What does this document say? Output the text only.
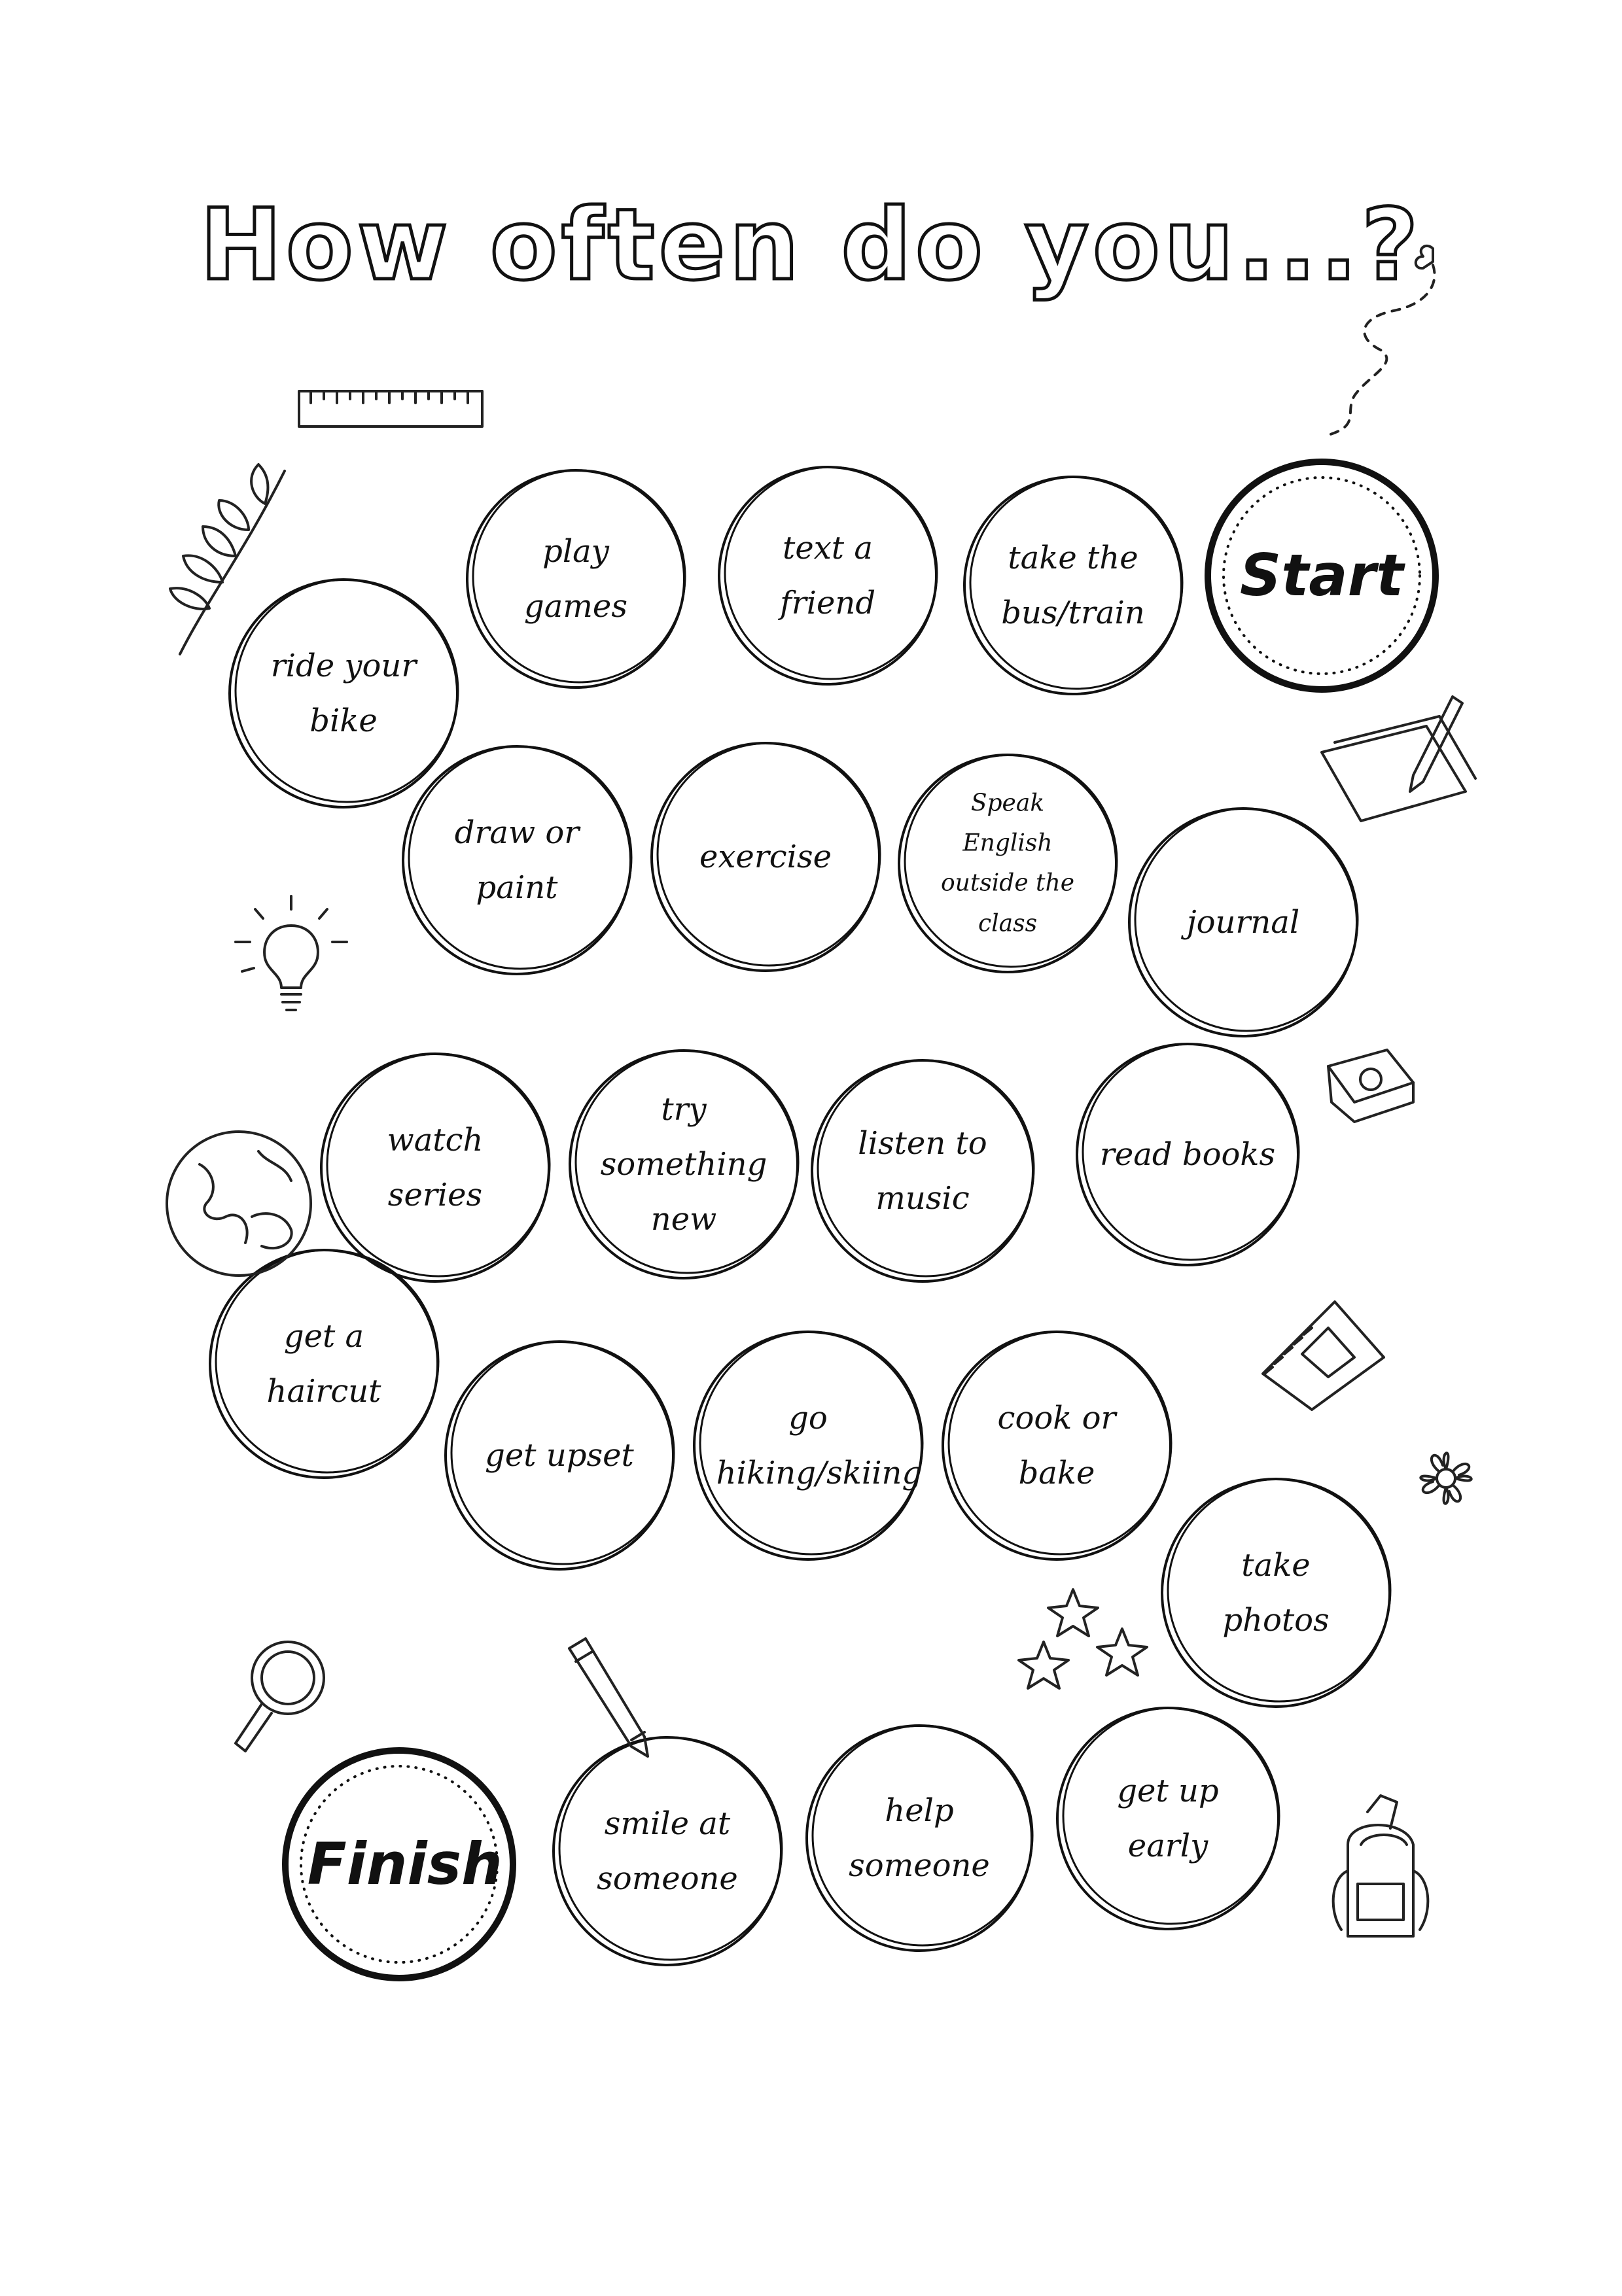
How often do you...?
Start
take the
bus/train
text a friend
play games
ride your
bike
draw or
paint
exercise
Speak
English
outside the
class	journal
read books
listen to
music
try
something
new
watch series
get a
haircut
get upset
go
hiking/skiing
cook or bake
take photos
get up early
help someone
smile at
someone
Finish
